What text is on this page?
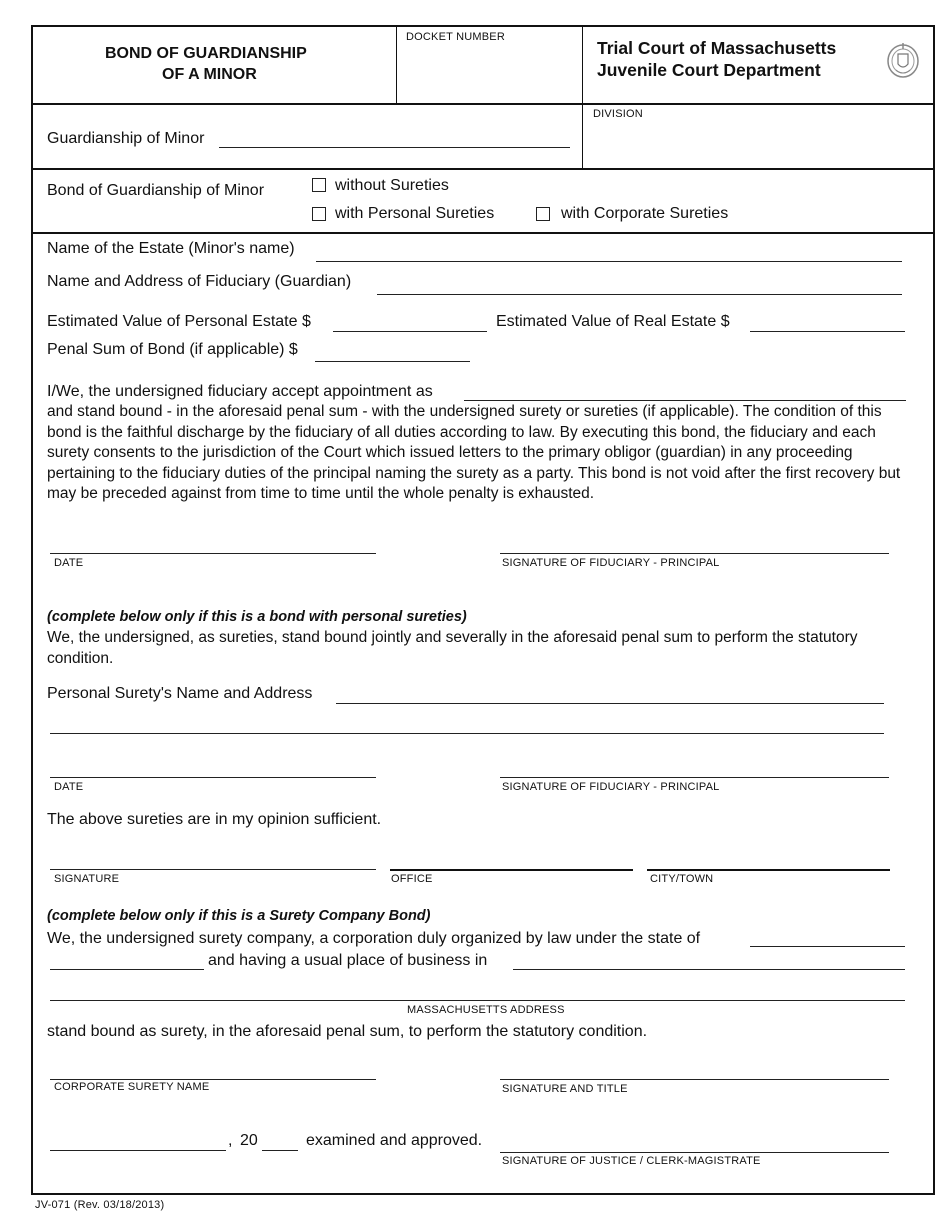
BOND OF GUARDIANSHIP
OF A MINOR
DOCKET NUMBER
Trial Court of Massachusetts
Juvenile Court Department
DIVISION
Guardianship of Minor
Bond of Guardianship of Minor	without Sureties
with Personal Sureties	with Corporate Sureties
Name of the Estate (Minor's name)
Name and Address of Fiduciary (Guardian)
Estimated Value of Personal Estate $	Estimated Value of Real Estate $
Penal Sum of Bond (if applicable) $
I/We, the undersigned fiduciary accept appointment as
and stand bound - in the aforesaid penal sum - with the undersigned surety or sureties (if applicable). The condition of this bond is the faithful discharge by the fiduciary of all duties according to law. By executing this bond, the fiduciary and each surety consents to the jurisdiction of the Court which issued letters to the primary obligor (guardian) in any proceeding pertaining to the fiduciary duties of the principal naming the surety as a party. This bond is not void after the first recovery but may be preceded against from time to time until the whole penalty is exhausted.
DATE	SIGNATURE OF FIDUCIARY - PRINCIPAL
(complete below only if this is a bond with personal sureties)
We, the undersigned, as sureties, stand bound jointly and severally in the aforesaid penal sum to perform the statutory condition.
Personal Surety's Name and Address
DATE	SIGNATURE OF FIDUCIARY - PRINCIPAL
The above sureties are in my opinion sufficient.
SIGNATURE	OFFICE	CITY/TOWN
(complete below only if this is a Surety Company Bond)
We, the undersigned surety company, a corporation duly organized by law under the state of
and having a usual place of business in
MASSACHUSETTS ADDRESS
stand bound as surety, in the aforesaid penal sum, to perform the statutory condition.
CORPORATE SURETY NAME	SIGNATURE AND TITLE
, 20	examined and approved.
SIGNATURE OF JUSTICE / CLERK-MAGISTRATE
JV-071 (Rev. 03/18/2013)
